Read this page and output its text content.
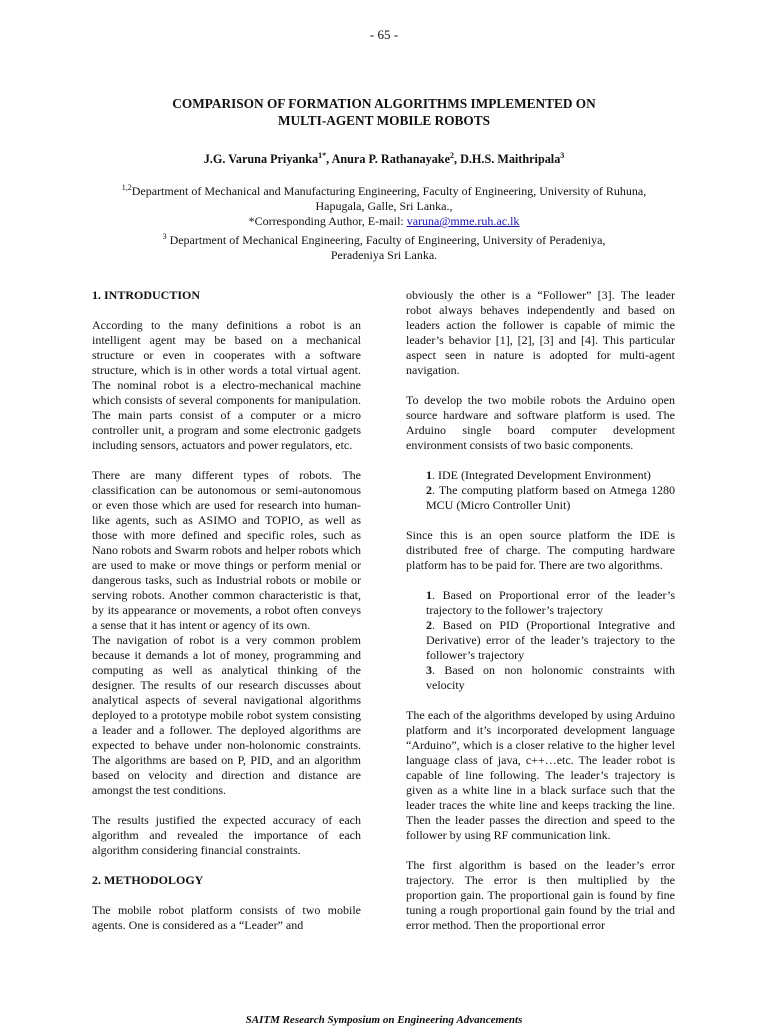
- 65 -
COMPARISON OF FORMATION ALGORITHMS IMPLEMENTED ON
MULTI-AGENT MOBILE ROBOTS
J.G. Varuna Priyanka$^{1*}$, Anura P. Rathanayake$^2$, D.H.S. Maithripala$^3$
$^{1,2}$Department of Mechanical and Manufacturing Engineering, Faculty of Engineering, University of Ruhuna,
Hapugala, Galle, Sri Lanka.,
*Corresponding Author, E-mail: varuna@mme.ruh.ac.lk
$^3$ Department of Mechanical Engineering, Faculty of Engineering, University of Peradeniya,
Peradeniya Sri Lanka.
1. INTRODUCTION

According to the many definitions a robot is an intelligent agent may be based on a mechanical structure or even in cooperates with a software structure, which is in other words a total virtual agent. The nominal robot is a electro-mechanical machine which consists of several components for manipulation. The main parts consist of a computer or a micro controller unit, a program and some electronic gadgets including sensors, actuators and power regulators, etc.

There are many different types of robots. The classification can be autonomous or semi-autonomous or even those which are used for research into human-like agents, such as ASIMO and TOPIO, as well as those with more defined and specific roles, such as Nano robots and Swarm robots and helper robots which are used to make or move things or perform menial or dangerous tasks, such as Industrial robots or mobile or serving robots. Another common characteristic is that, by its appearance or movements, a robot often conveys a sense that it has intent or agency of its own.

The navigation of robot is a very common problem because it demands a lot of money, programming and computing as well as analytical thinking of the designer. The results of our research discusses about analytical aspects of several navigational algorithms deployed to a prototype mobile robot system consisting a leader and a follower. The deployed algorithms are expected to behave under non-holonomic constraints. The algorithms are based on P, PID, and an algorithm based on velocity and direction and distance are amongst the test conditions.

The results justified the expected accuracy of each algorithm and revealed the importance of each algorithm considering financial constraints.

2. METHODOLOGY

The mobile robot platform consists of two mobile agents. One is considered as a “Leader” and

obviously the other is a “Follower” [3]. The leader robot always behaves independently and based on leaders action the follower is capable of mimic the leader’s behavior [1], [2], [3] and [4]. This particular aspect seen in nature is adopted for multi-agent navigation.

To develop the two mobile robots the Arduino open source hardware and software platform is used. The Arduino single board computer development environment consists of two basic components.

1. IDE (Integrated Development Environment)
2. The computing platform based on Atmega 1280 MCU (Micro Controller Unit)

Since this is an open source platform the IDE is distributed free of charge. The computing hardware platform has to be paid for. There are two algorithms.

1. Based on Proportional error of the leader’s trajectory to the follower’s trajectory
2. Based on PID (Proportional Integrative and Derivative) error of the leader’s trajectory to the follower’s trajectory
3. Based on non holonomic constraints with velocity

The each of the algorithms developed by using Arduino platform and it’s incorporated development language “Arduino”, which is a closer relative to the higher level language class of java, c++…etc. The leader robot is capable of line following. The leader’s trajectory is given as a white line in a black surface such that the leader traces the white line and keeps tracking the line. Then the leader passes the direction and speed to the follower by using RF communication link.

The first algorithm is based on the leader’s error trajectory. The error is then multiplied by the proportion gain. The proportional gain is found by fine tuning a rough proportional gain found by the trial and error method. Then the proportional error

SAITM Research Symposium on Engineering Advancements
